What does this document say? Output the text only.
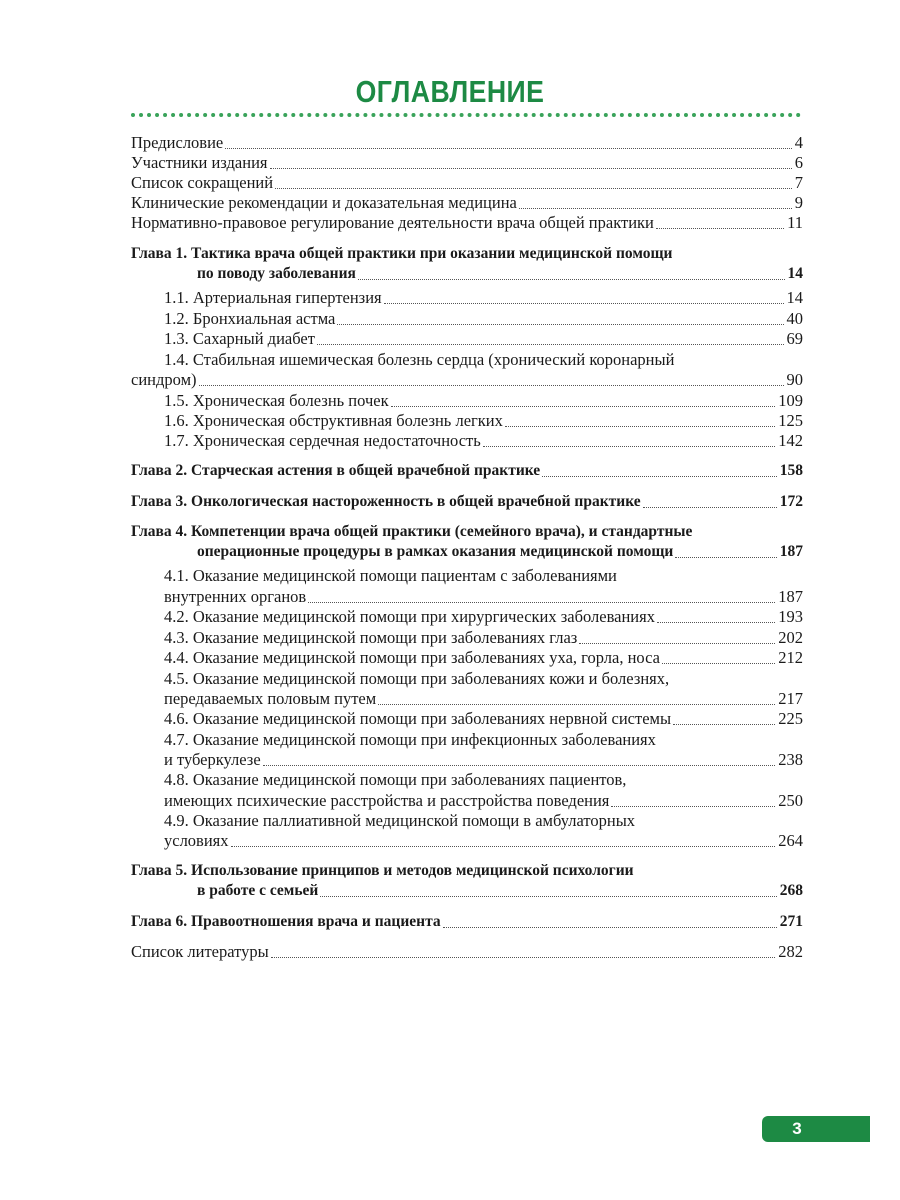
ОГЛАВЛЕНИЕ
Предисловие	4
Участники издания	6
Список сокращений	7
Клинические рекомендации и доказательная медицина	9
Нормативно-правовое регулирование деятельности врача общей практики	11
Глава 1. Тактика врача общей практики при оказании медицинской помощи
по поводу заболевания	14
1.1. Артериальная гипертензия	14
1.2. Бронхиальная астма	40
1.3. Сахарный диабет	69
1.4. Стабильная ишемическая болезнь сердца (хронический коронарный
синдром)	90
1.5. Хроническая болезнь почек	109
1.6. Хроническая обструктивная болезнь легких	125
1.7. Хроническая сердечная недостаточность	142
Глава 2. Старческая астения в общей врачебной практике	158
Глава 3. Онкологическая настороженность в общей врачебной практике	172
Глава 4. Компетенции врача общей практики (семейного врача), и стандартные
операционные процедуры в рамках оказания медицинской помощи	187
4.1. Оказание медицинской помощи пациентам с заболеваниями
внутренних органов	187
4.2. Оказание медицинской помощи при хирургических заболеваниях	193
4.3. Оказание медицинской помощи при заболеваниях глаз	202
4.4. Оказание медицинской помощи при заболеваниях уха, горла, носа	212
4.5. Оказание медицинской помощи при заболеваниях кожи и болезнях,
передаваемых половым путем	217
4.6. Оказание медицинской помощи при заболеваниях нервной системы	225
4.7. Оказание медицинской помощи при инфекционных заболеваниях
и туберкулезе	238
4.8. Оказание медицинской помощи при заболеваниях пациентов,
имеющих психические расстройства и расстройства поведения	250
4.9. Оказание паллиативной медицинской помощи в амбулаторных
условиях	264
Глава 5. Использование принципов и методов медицинской психологии
в работе с семьей	268
Глава 6. Правоотношения врача и пациента	271
Список литературы	282
3
